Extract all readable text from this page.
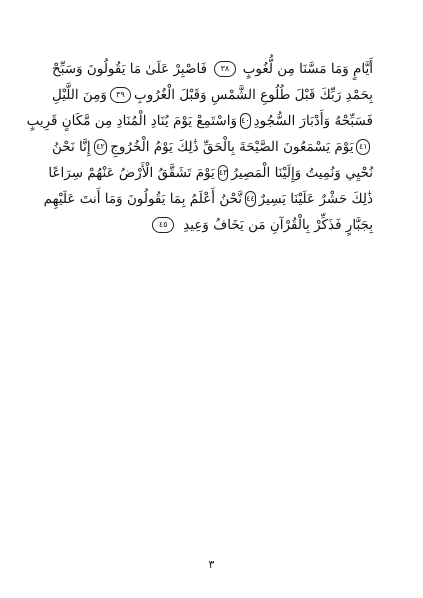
أَيَّامٍ وَمَا مَسَّنَا مِن لُّغُوبٍ
٣٨
فَاصْبِرْ عَلَىٰ مَا يَقُولُونَ وَسَبِّحْ
بِحَمْدِ رَبِّكَ قَبْلَ طُلُوعِ الشَّمْسِ وَقَبْلَ الْغُرُوبِ
٣٩
وَمِنَ اللَّيْلِ
فَسَبِّحْهُ وَأَدْبَارَ السُّجُودِ
٤٠
وَاسْتَمِعْ يَوْمَ يُنَادِ الْمُنَادِ مِن مَّكَانٍ قَرِيبٍ
٤١
يَوْمَ يَسْمَعُونَ الصَّيْحَةَ بِالْحَقِّ ذَٰلِكَ يَوْمُ الْخُرُوجِ
٤٢
إِنَّا نَحْنُ
نُحْيِي وَنُمِيتُ وَإِلَيْنَا الْمَصِيرُ
٤٣
يَوْمَ تَشَقَّقُ الْأَرْضُ عَنْهُمْ سِرَاعًا
ذَٰلِكَ حَشْرٌ عَلَيْنَا يَسِيرٌ
٤٤
نَّحْنُ أَعْلَمُ بِمَا يَقُولُونَ وَمَا أَنتَ عَلَيْهِم
بِجَبَّارٍ فَذَكِّرْ بِالْقُرْآنِ مَن يَخَافُ وَعِيدِ
٤٥
٣
